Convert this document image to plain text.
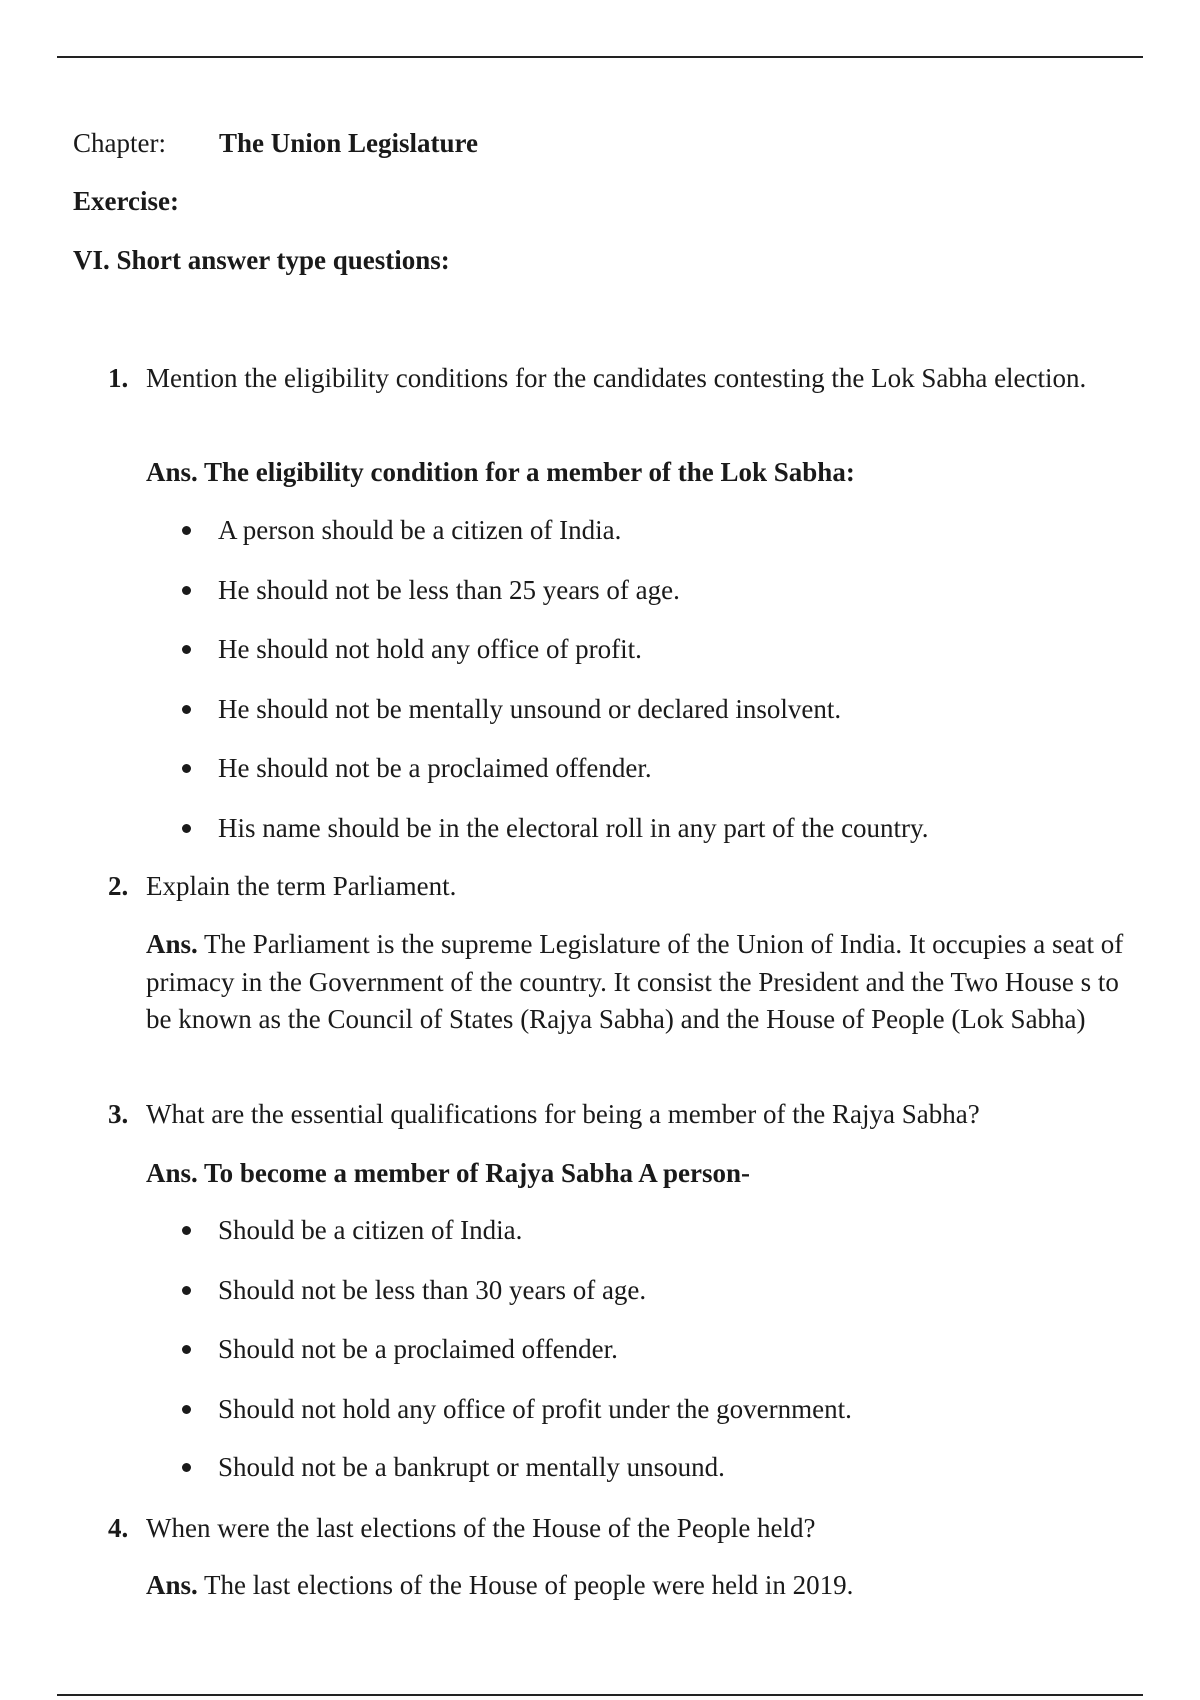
Chapter: The Union Legislature
Exercise:
VI. Short answer type questions:
1. Mention the eligibility conditions for the candidates contesting the Lok Sabha election.
Ans. The eligibility condition for a member of the Lok Sabha:
A person should be a citizen of India.
He should not be less than 25 years of age.
He should not hold any office of profit.
He should not be mentally unsound or declared insolvent.
He should not be a proclaimed offender.
His name should be in the electoral roll in any part of the country.
2. Explain the term Parliament.
Ans. The Parliament is the supreme Legislature of the Union of India. It occupies a seat of primacy in the Government of the country. It consist the President and the Two House s to be known as the Council of States (Rajya Sabha) and the House of People (Lok Sabha)
3. What are the essential qualifications for being a member of the Rajya Sabha?
Ans. To become a member of Rajya Sabha A person-
Should be a citizen of India.
Should not be less than 30 years of age.
Should not be a proclaimed offender.
Should not hold any office of profit under the government.
Should not be a bankrupt or mentally unsound.
4. When were the last elections of the House of the People held?
Ans. The last elections of the House of people were held in 2019.
